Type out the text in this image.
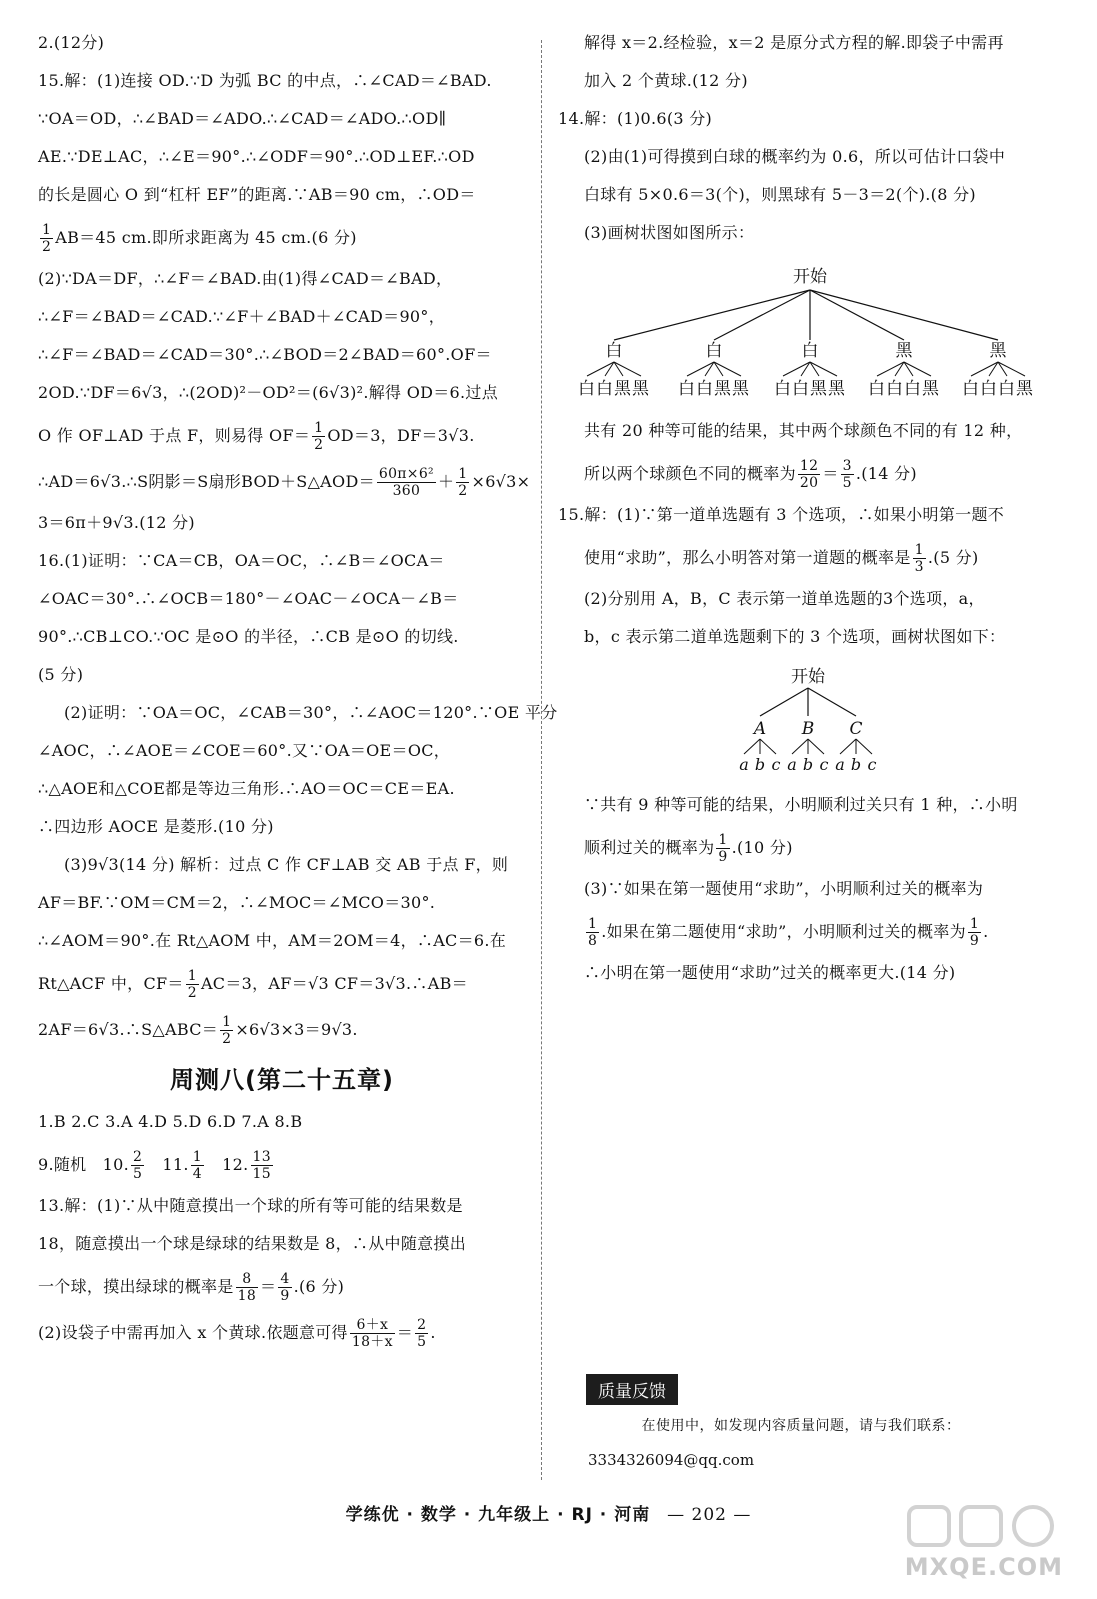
2.(12分)
15.解：(1)连接 OD.∵D 为弧 BC 的中点，∴∠CAD＝∠BAD.
∵OA＝OD，∴∠BAD＝∠ADO.∴∠CAD＝∠ADO.∴OD∥
AE.∵DE⊥AC，∴∠E＝90°.∴∠ODF＝90°.∴OD⊥EF.∴OD
的长是圆心 O 到“杠杆 EF”的距离.∵AB＝90 cm，∴OD＝
$\frac{1}{2} AB=45$ cm.即所求距离为 45 cm.(6 分)
(2)∵DA＝DF，∴∠F＝∠BAD.由(1)得∠CAD＝∠BAD，
∴∠F＝∠BAD＝∠CAD.∵∠F＋∠BAD＋∠CAD＝90°，
∴∠F＝∠BAD＝∠CAD＝30°.∴∠BOD＝2∠BAD＝60°.OF＝
2OD.∵DF＝6√3，∴(2OD)²－OD²＝(6√3)².解得 OD＝6.过点
O 作 OF⊥AD 于点 F，则易得 $OF= \frac{1}{2} OD=3$，DF＝3√3.
∴AD＝6√3.∴S阴影＝S扇形BOD＋S△AOD＝ $\frac{\text{60π×6²}}{360} + \frac{1}{2} \times 6√3\times$
3＝6π＋9√3.(12 分)
16.(1)证明：∵CA＝CB，OA＝OC，∴∠B＝∠OCA＝
∠OAC＝30°.∴∠OCB＝180°－∠OAC－∠OCA－∠B＝
90°.∴CB⊥CO.∵OC 是⊙O 的半径，∴CB 是⊙O 的切线.
(5 分)
(2)证明：∵OA＝OC，∠CAB＝30°，∴∠AOC＝120°.∵OE 平分
∠AOC，∴∠AOE＝∠COE＝60°.又∵OA＝OE＝OC，
∴△AOE和△COE都是等边三角形.∴AO＝OC＝CE＝EA.
∴四边形 AOCE 是菱形.(10 分)
(3)9√3(14 分) 解析：过点 C 作 CF⊥AB 交 AB 于点 F，则
AF＝BF.∵OM＝CM＝2，∴∠MOC＝∠MCO＝30°.
∴∠AOM＝90°.在 Rt△AOM 中，AM＝2OM＝4，∴AC＝6.在
Rt△ACF 中，$CF= \frac{1}{2} AC=3$，AF＝√3 CF＝3√3.∴AB＝
2AF＝6√3.∴S△ABC＝ $\frac{1}{2} \times 6√3\times 3=9√3$.
周测八(第二十五章)
1.B 2.C 3.A 4.D 5.D 6.D 7.A 8.B
9.随机 10. $\frac{2}{5} 11$. $\frac{1}{4} 12$. $\frac{13}{15}$
13.解：(1)∵从中随意摸出一个球的所有等可能的结果数是
18，随意摸出一个球是绿球的结果数是 8，∴从中随意摸出
一个球，摸出绿球的概率是 $\frac{8}{18} = \frac{4}{9} .(6$ 分)
(2)设袋子中需再加入 x 个黄球.依题意可得 $\frac{6+x}{18+x} = \frac{2}{5}$ .
解得 x＝2.经检验，x＝2 是原分式方程的解.即袋子中需再
加入 2 个黄球.(12 分)
14.解：(1)0.6(3 分)
(2)由(1)可得摸到白球的概率约为 0.6，所以可估计口袋中
白球有 5×0.6＝3(个)，则黑球有 5－3＝2(个).(8 分)
(3)画树状图如图所示：
开始
白
白白黑黑
白
白白黑黑
白
白白黑黑
黑
白白白黑
黑
白白白黑
共有 20 种等可能的结果，其中两个球颜色不同的有 12 种，
所以两个球颜色不同的概率为 $\frac{12}{20} = \frac{3}{5} .(14$ 分)
15.解：(1)∵第一道单选题有 3 个选项，∴如果小明第一题不
使用“求助”，那么小明答对第一道题的概率是 $\frac{1}{3} .(5$ 分)
(2)分别用 A，B，C 表示第一道单选题的3个选项，a，
b，c 表示第二道单选题剩下的 3 个选项，画树状图如下：
开始
A
a b c
B
a b c
C
a b c
∵共有 9 种等可能的结果，小明顺利过关只有 1 种，∴小明
顺利过关的概率为 $\frac{1}{9} .(10$ 分)
(3)∵如果在第一题使用“求助”，小明顺利过关的概率为
$\frac{1}{8}$ .如果在第二题使用“求助”，小明顺利过关的概率为 $\frac{1}{9}$ .
∴小明在第一题使用“求助”过关的概率更大.(14 分)
质量反馈
在使用中，如发现内容质量问题，请与我们联系：
3334326094@qq.com
学练优 · 数学 · 九年级上 · RJ · 河南 — 202 —
MXQE.COM
